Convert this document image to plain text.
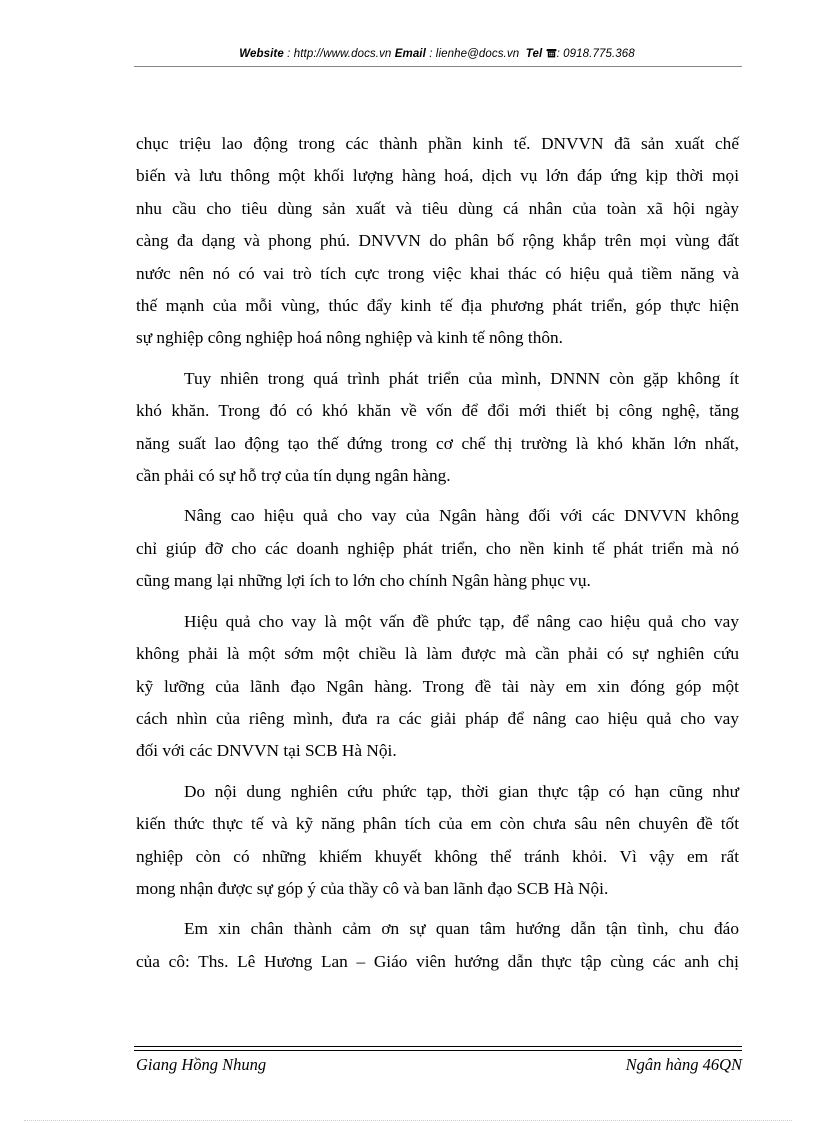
Website : http://www.docs.vn Email : lienhe@docs.vn Tel : 0918.775.368
chục triệu lao động trong các thành phần kinh tế. DNVVN đã sản xuất chế
biến và lưu thông một khối lượng hàng hoá, dịch vụ lớn đáp ứng kịp thời mọi
nhu cầu cho tiêu dùng sản xuất và tiêu dùng cá nhân của toàn xã hội ngày
càng đa dạng và phong phú. DNVVN do phân bố rộng khắp trên mọi vùng đất
nước nên nó có vai trò tích cực trong việc khai thác có hiệu quả tiềm năng và
thế mạnh của mỗi vùng, thúc đẩy kinh tế địa phương phát triển, góp thực hiện
sự nghiệp công nghiệp hoá nông nghiệp và kinh tế nông thôn.
Tuy nhiên trong quá trình phát triển của mình, DNNN còn gặp không ít
khó khăn. Trong đó có khó khăn về vốn để đổi mới thiết bị công nghệ, tăng
năng suất lao động tạo thế đứng trong cơ chế thị trường là khó khăn lớn nhất,
cần phải có sự hỗ trợ của tín dụng ngân hàng.
Nâng cao hiệu quả cho vay của Ngân hàng đối với các DNVVN không
chỉ giúp đỡ cho các doanh nghiệp phát triển, cho nền kinh tế phát triển mà nó
cũng mang lại những lợi ích to lớn cho chính Ngân hàng phục vụ.
Hiệu quả cho vay là một vấn đề phức tạp, để nâng cao hiệu quả cho vay
không phải là một sớm một chiều là làm được mà cần phải có sự nghiên cứu
kỹ lưỡng của lãnh đạo Ngân hàng. Trong đề tài này em xin đóng góp một
cách nhìn của riêng mình, đưa ra các giải pháp để nâng cao hiệu quả cho vay
đối với các DNVVN tại SCB Hà Nội.
Do nội dung nghiên cứu phức tạp, thời gian thực tập có hạn cũng như
kiến thức thực tế và kỹ năng phân tích của em còn chưa sâu nên chuyên đề tốt
nghiệp còn có những khiếm khuyết không thể tránh khỏi. Vì vậy em rất
mong nhận được sự góp ý của thầy cô và ban lãnh đạo SCB Hà Nội.
Em xin chân thành cảm ơn sự quan tâm hướng dẫn tận tình, chu đáo
của cô: Ths. Lê Hương Lan – Giáo viên hướng dẫn thực tập cùng các anh chị
Giang Hồng Nhung	Ngân hàng 46QN
